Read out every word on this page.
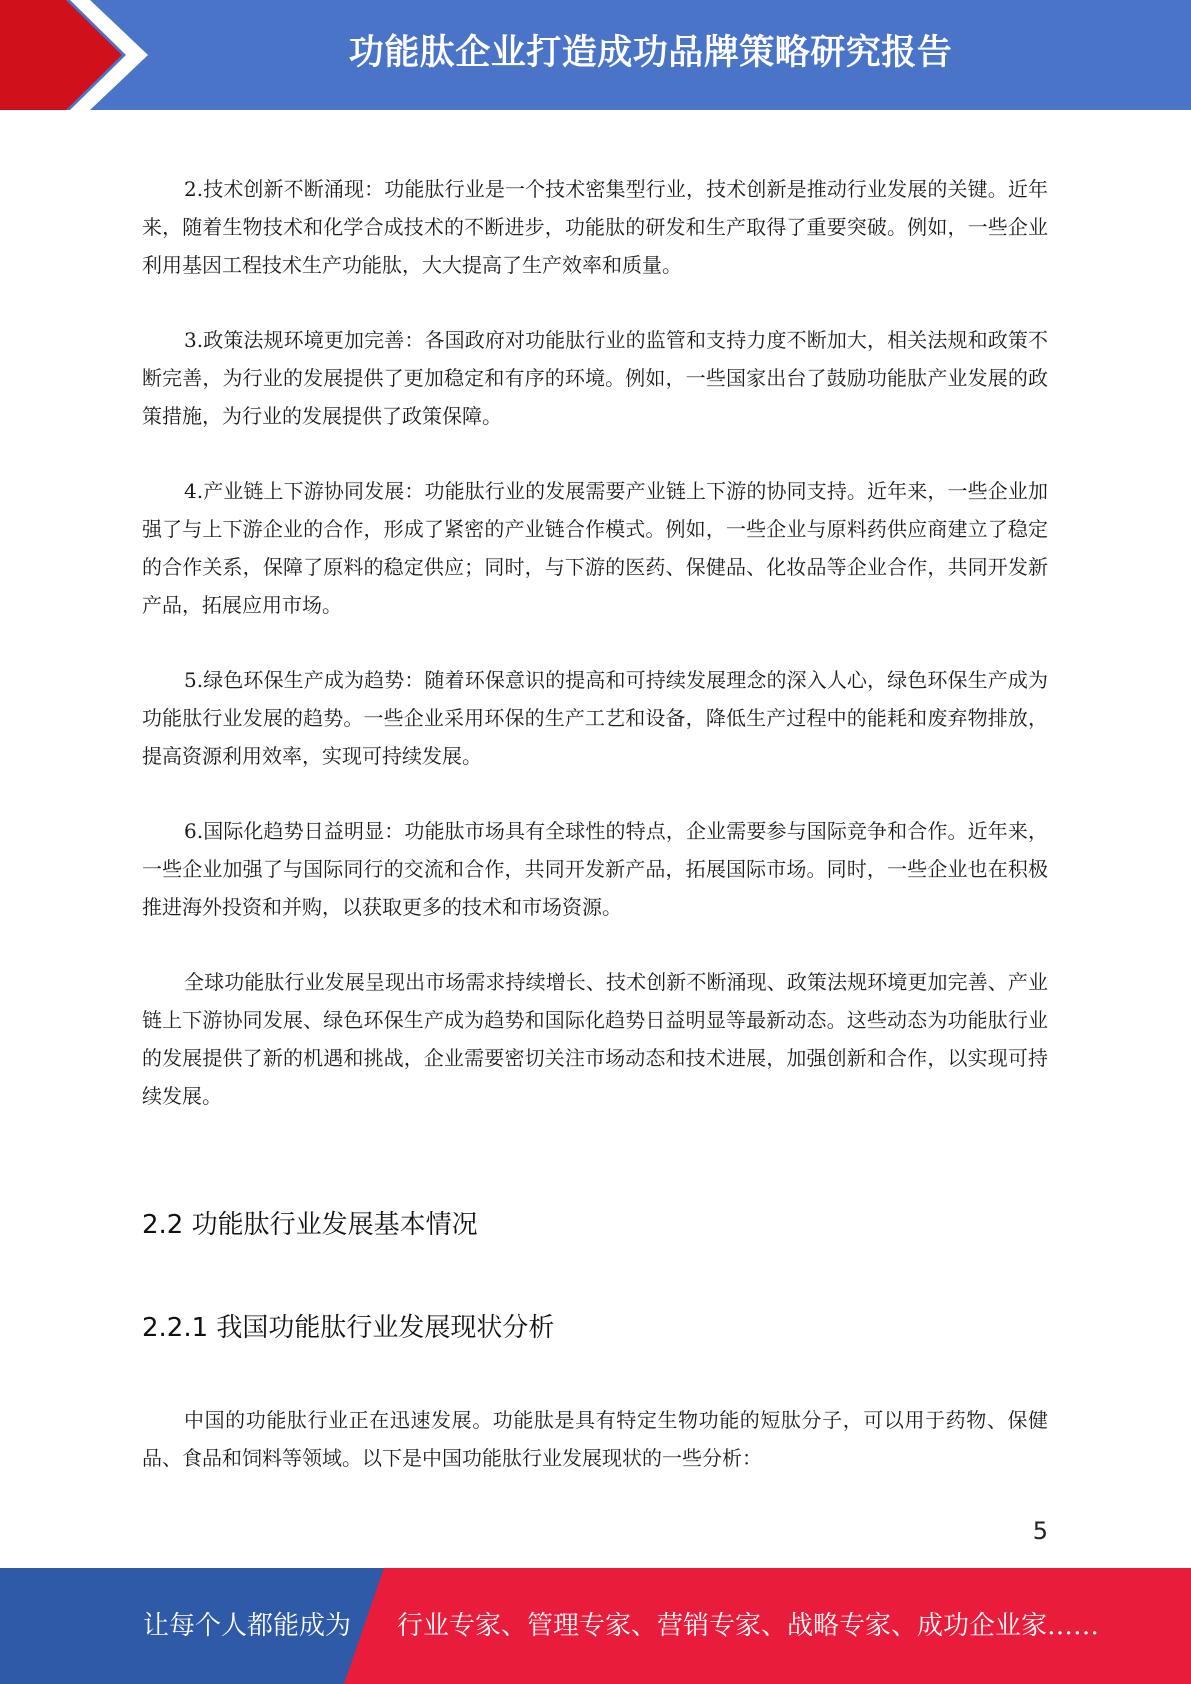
功能肽企业打造成功品牌策略研究报告

2.技术创新不断涌现：功能肽行业是一个技术密集型行业，技术创新是推动行业发展的关键。近年来，随着生物技术和化学合成技术的不断进步，功能肽的研发和生产取得了重要突破。例如，一些企业利用基因工程技术生产功能肽，大大提高了生产效率和质量。

3.政策法规环境更加完善：各国政府对功能肽行业的监管和支持力度不断加大，相关法规和政策不断完善，为行业的发展提供了更加稳定和有序的环境。例如，一些国家出台了鼓励功能肽产业发展的政策措施，为行业的发展提供了政策保障。

4.产业链上下游协同发展：功能肽行业的发展需要产业链上下游的协同支持。近年来，一些企业加强了与上下游企业的合作，形成了紧密的产业链合作模式。例如，一些企业与原料药供应商建立了稳定的合作关系，保障了原料的稳定供应；同时，与下游的医药、保健品、化妆品等企业合作，共同开发新产品，拓展应用市场。

5.绿色环保生产成为趋势：随着环保意识的提高和可持续发展理念的深入人心，绿色环保生产成为功能肽行业发展的趋势。一些企业采用环保的生产工艺和设备，降低生产过程中的能耗和废弃物排放，提高资源利用效率，实现可持续发展。

6.国际化趋势日益明显：功能肽市场具有全球性的特点，企业需要参与国际竞争和合作。近年来，一些企业加强了与国际同行的交流和合作，共同开发新产品，拓展国际市场。同时，一些企业也在积极推进海外投资和并购，以获取更多的技术和市场资源。

全球功能肽行业发展呈现出市场需求持续增长、技术创新不断涌现、政策法规环境更加完善、产业链上下游协同发展、绿色环保生产成为趋势和国际化趋势日益明显等最新动态。这些动态为功能肽行业的发展提供了新的机遇和挑战，企业需要密切关注市场动态和技术进展，加强创新和合作，以实现可持续发展。

2.2 功能肽行业发展基本情况
2.2.1 我国功能肽行业发展现状分析

中国的功能肽行业正在迅速发展。功能肽是具有特定生物功能的短肽分子，可以用于药物、保健品、食品和饲料等领域。以下是中国功能肽行业发展现状的一些分析：

5
让每个人都能成为 行业专家、管理专家、营销专家、战略专家、成功企业家……
